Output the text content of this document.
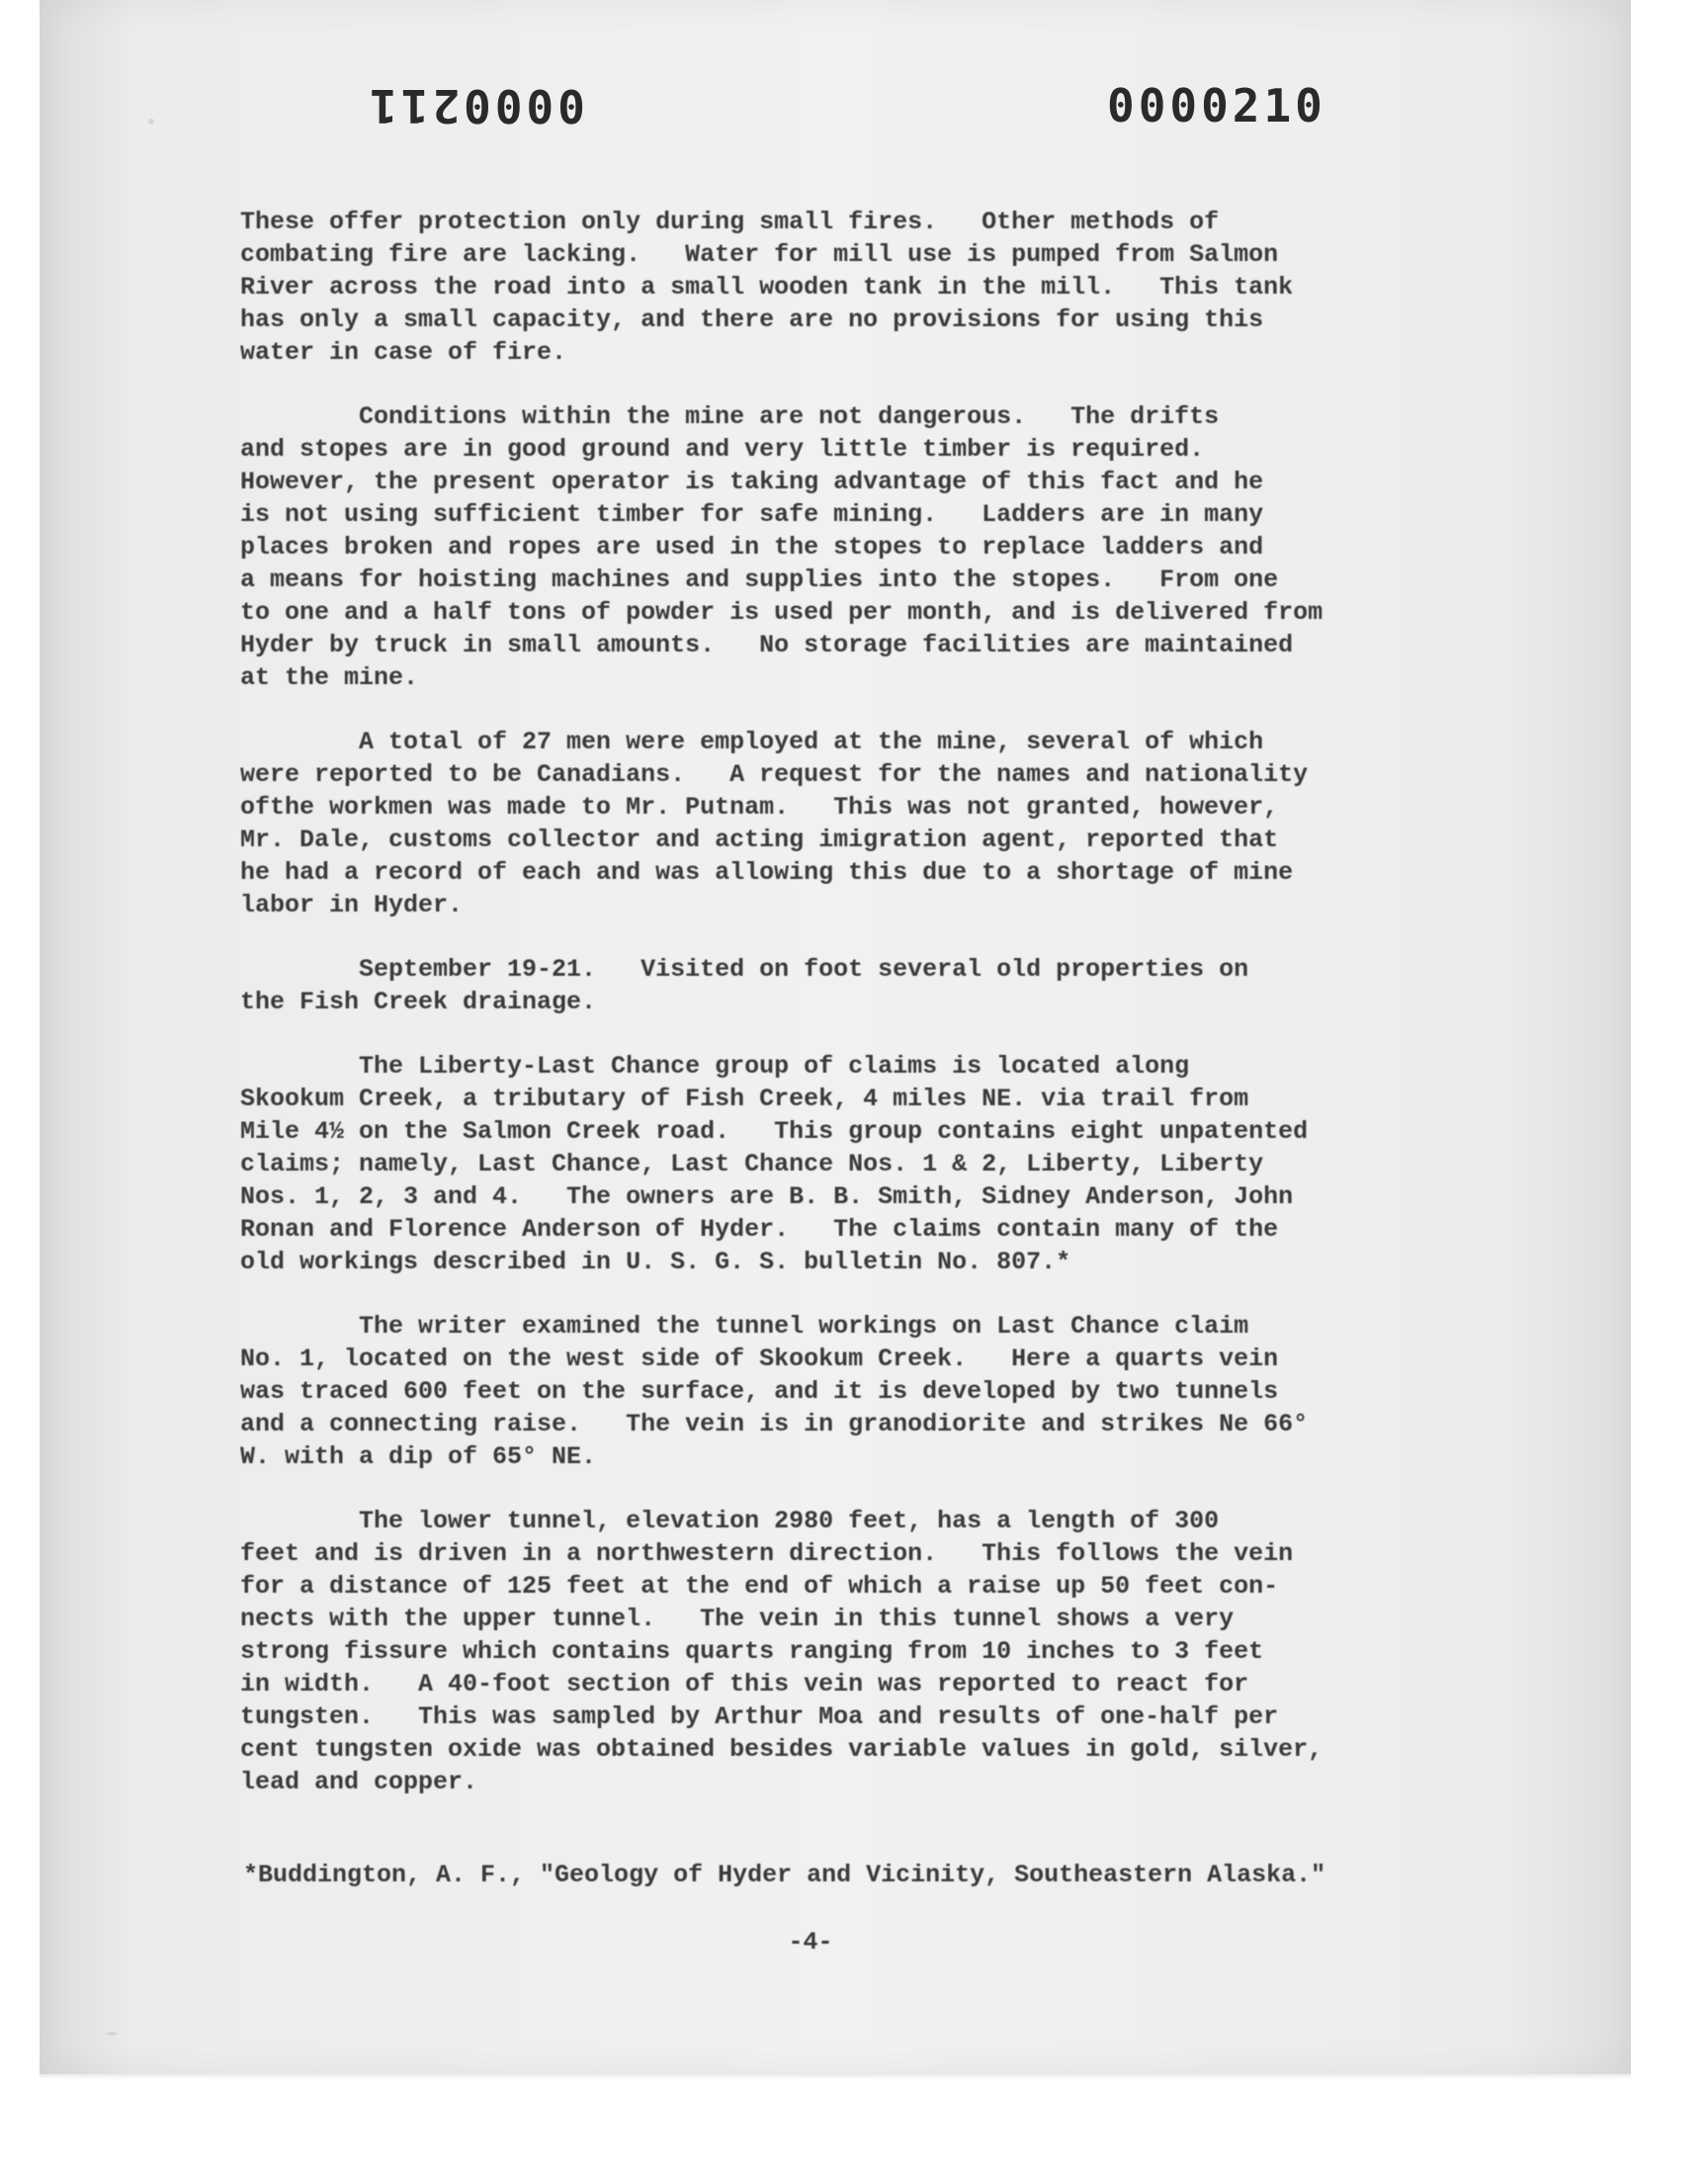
0000211	0000210
These offer protection only during small fires.   Other methods of
combating fire are lacking.   Water for mill use is pumped from Salmon
River across the road into a small wooden tank in the mill.   This tank
has only a small capacity, and there are no provisions for using this
water in case of fire.
Conditions within the mine are not dangerous.   The drifts
and stopes are in good ground and very little timber is required.
However, the present operator is taking advantage of this fact and he
is not using sufficient timber for safe mining.   Ladders are in many
places broken and ropes are used in the stopes to replace ladders and
a means for hoisting machines and supplies into the stopes.   From one
to one and a half tons of powder is used per month, and is delivered from
Hyder by truck in small amounts.   No storage facilities are maintained
at the mine.
A total of 27 men were employed at the mine, several of which
were reported to be Canadians.   A request for the names and nationality
ofthe workmen was made to Mr. Putnam.   This was not granted, however,
Mr. Dale, customs collector and acting imigration agent, reported that
he had a record of each and was allowing this due to a shortage of mine
labor in Hyder.
September 19-21.   Visited on foot several old properties on
the Fish Creek drainage.
The Liberty-Last Chance group of claims is located along
Skookum Creek, a tributary of Fish Creek, 4 miles NE. via trail from
Mile 4½ on the Salmon Creek road.   This group contains eight unpatented
claims; namely, Last Chance, Last Chance Nos. 1 & 2, Liberty, Liberty
Nos. 1, 2, 3 and 4.   The owners are B. B. Smith, Sidney Anderson, John
Ronan and Florence Anderson of Hyder.   The claims contain many of the
old workings described in U. S. G. S. bulletin No. 807.*
The writer examined the tunnel workings on Last Chance claim
No. 1, located on the west side of Skookum Creek.   Here a quarts vein
was traced 600 feet on the surface, and it is developed by two tunnels
and a connecting raise.   The vein is in granodiorite and strikes Ne 66°
W. with a dip of 65° NE.
The lower tunnel, elevation 2980 feet, has a length of 300
feet and is driven in a northwestern direction.   This follows the vein
for a distance of 125 feet at the end of which a raise up 50 feet con-
nects with the upper tunnel.   The vein in this tunnel shows a very
strong fissure which contains quarts ranging from 10 inches to 3 feet
in width.   A 40-foot section of this vein was reported to react for
tungsten.   This was sampled by Arthur Moa and results of one-half per
cent tungsten oxide was obtained besides variable values in gold, silver,
lead and copper.
*Buddington, A. F., "Geology of Hyder and Vicinity, Southeastern Alaska."
-4-
